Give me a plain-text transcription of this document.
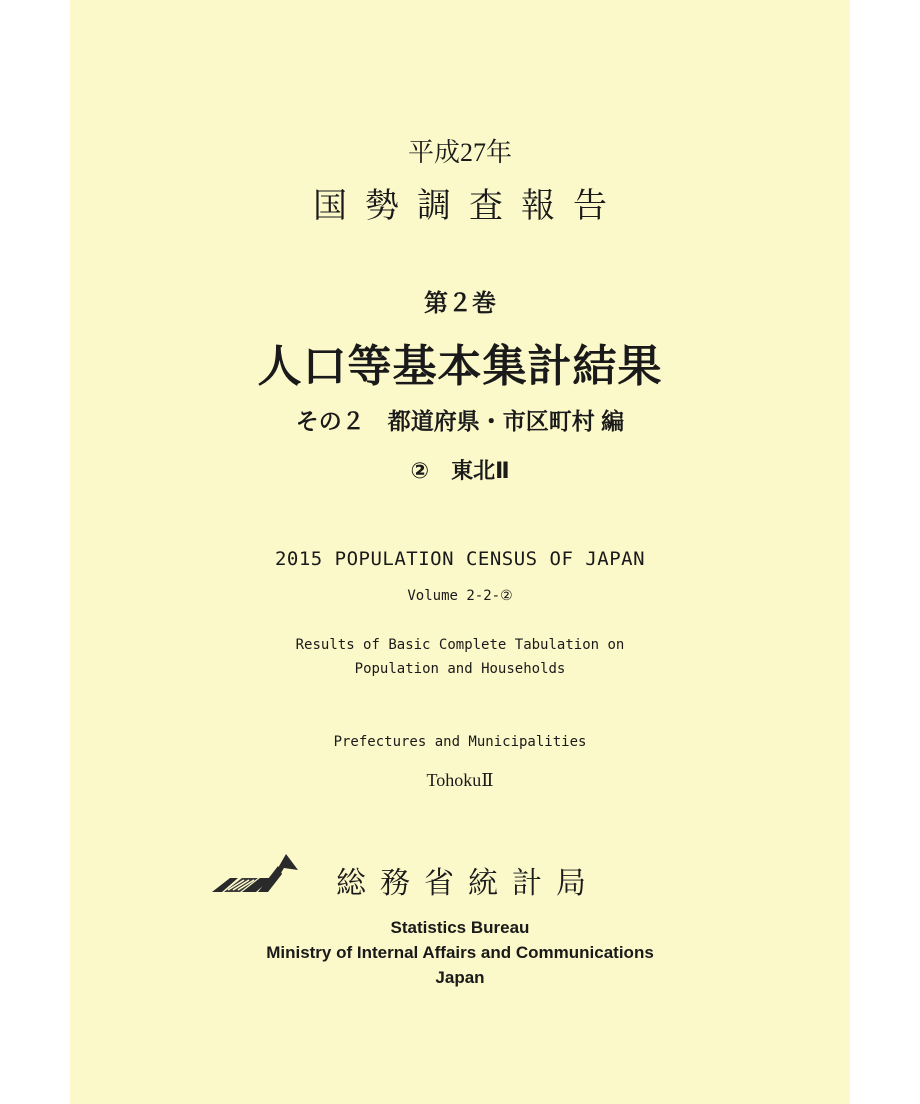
平成27年
国勢調査報告
第２巻
人口等基本集計結果
その２　都道府県・市区町村 編
②　東北Ⅱ
2015 POPULATION CENSUS OF JAPAN
Volume 2-2-②
Results of Basic Complete Tabulation on
Population and Households
Prefectures and Municipalities
TohokuⅡ
総務省統計局
Statistics Bureau
Ministry of Internal Affairs and Communications
Japan
